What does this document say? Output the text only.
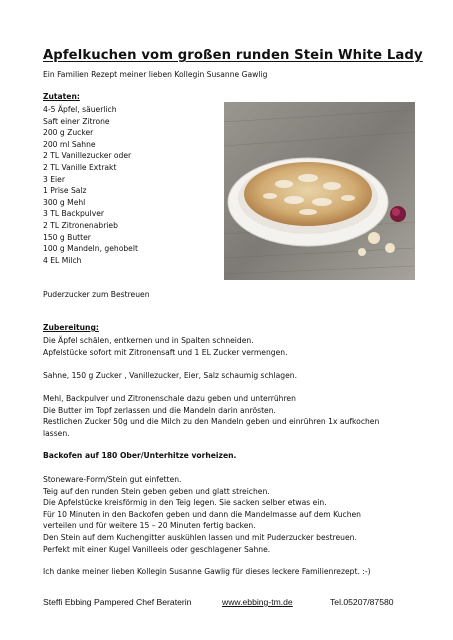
Apfelkuchen vom großen runden Stein White Lady
Ein Familien Rezept meiner lieben Kollegin Susanne Gawlig
Zutaten:
4-5 Äpfel, säuerlich
Saft einer Zitrone
200 g Zucker
200 ml Sahne
2 TL Vanillezucker oder
2 TL Vanille Extrakt
3 Eier
1 Prise Salz
300 g Mehl
3 TL Backpulver
2 TL Zitronenabrieb
150 g Butter
100 g Mandeln, gehobelt
4 EL Milch
Puderzucker zum Bestreuen
Zubereitung:
Die Äpfel schälen, entkernen und in Spalten schneiden.
Apfelstücke sofort mit Zitronensaft und 1 EL Zucker vermengen.
Sahne, 150 g Zucker , Vanillezucker, Eier, Salz schaumig schlagen.
Mehl, Backpulver und Zitronenschale dazu geben und unterrühren
Die Butter im Topf zerlassen und die Mandeln darin anrösten.
Restlichen Zucker 50g und die Milch zu den Mandeln geben und einrühren 1x aufkochen
lassen.
Backofen auf 180 Ober/Unterhitze vorheizen.
Stoneware-Form/Stein gut einfetten.
Teig auf den runden Stein geben geben und glatt streichen.
Die Apfelstücke kreisförmig in den Teig legen. Sie sacken selber etwas ein.
Für 10 Minuten in den Backofen geben und dann die Mandelmasse auf dem Kuchen
verteilen und für weitere 15 – 20 Minuten fertig backen.
Den Stein auf dem Kuchengitter auskühlen lassen und mit Puderzucker bestreuen.
Perfekt mit einer Kugel Vanilleeis oder geschlagener Sahne.
Ich danke meiner lieben Kollegin Susanne Gawlig für dieses leckere Familienrezept. :-)
Steffi Ebbing Pampered Chef Beraterin	www.ebbing-tm.de	Tel.05207/87580
